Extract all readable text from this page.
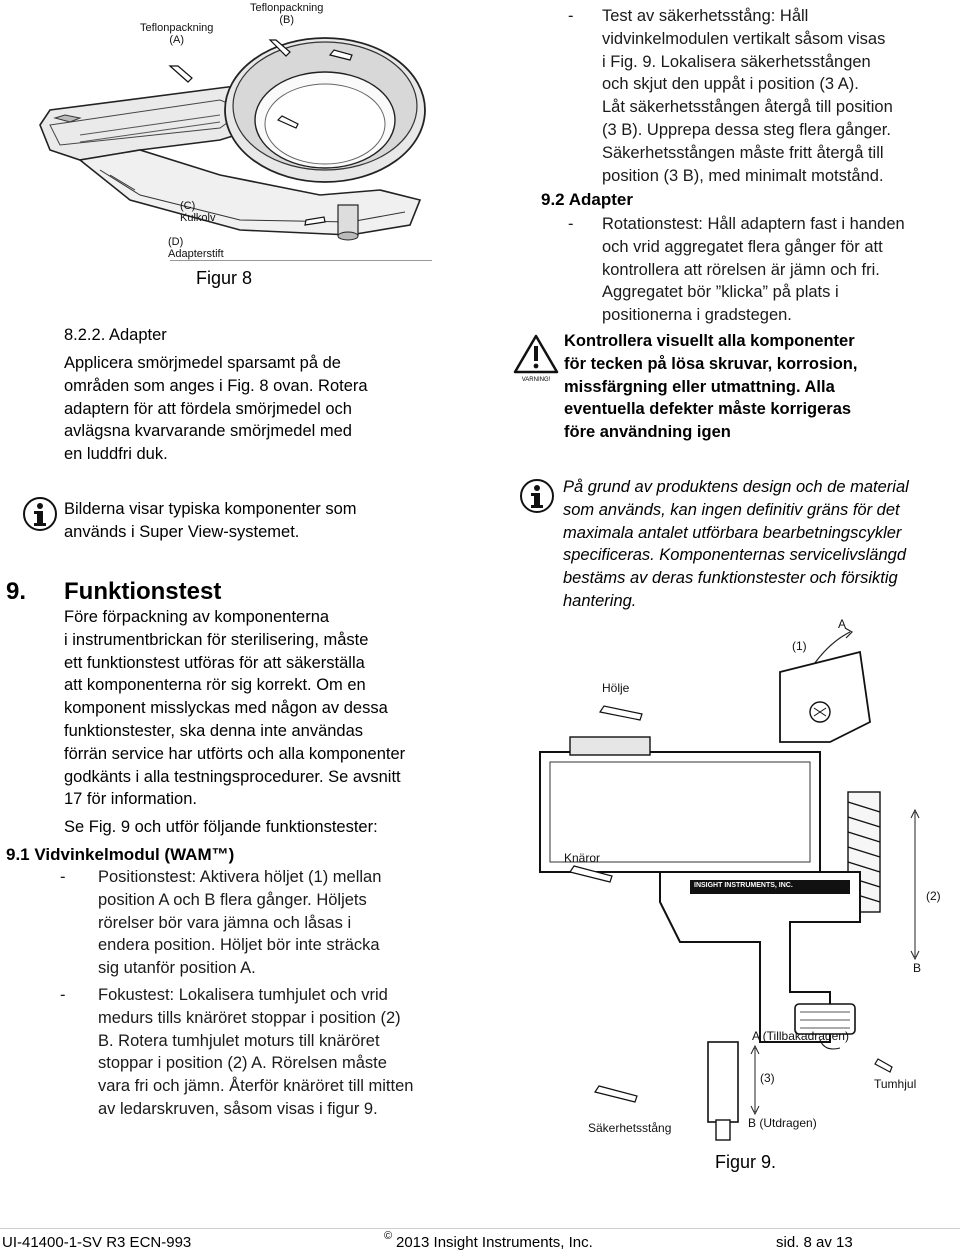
Teflonpackning
(A)
Teflonpackning
(B)
(C)
Kulkolv
(D)
Adapterstift
Figur 8
8.2.2. Adapter
Applicera smörjmedel sparsamt på de
områden som anges i Fig. 8 ovan. Rotera
adaptern för att fördela smörjmedel och
avlägsna kvarvarande smörjmedel med
en luddfri duk.
Bilderna visar typiska komponenter som
används i Super View-systemet.
9. Funktionstest
Före förpackning av komponenterna
i instrumentbrickan för sterilisering, måste
ett funktionstest utföras för att säkerställa
att komponenterna rör sig korrekt. Om en
komponent misslyckas med någon av dessa
funktionstester, ska denna inte användas
förrän service har utförts och alla komponenter
godkänts i alla testningsprocedurer. Se avsnitt
17 för information.
Se Fig. 9 och utför följande funktionstester:
9.1 Vidvinkelmodul (WAM™)
- Positionstest: Aktivera höljet (1) mellan
position A och B flera gånger. Höljets
rörelser bör vara jämna och låsas i
endera position. Höljet bör inte sträcka
sig utanför position A.
- Fokustest: Lokalisera tumhjulet och vrid
medurs tills knäröret stoppar i position (2)
B. Rotera tumhjulet moturs till knäröret
stoppar i position (2) A. Rörelsen måste
vara fri och jämn. Återför knäröret till mitten
av ledarskruven, såsom visas i figur 9.
- Test av säkerhetsstång: Håll
vidvinkelmodulen vertikalt såsom visas
i Fig. 9. Lokalisera säkerhetsstången
och skjut den uppåt i position (3 A).
Låt säkerhetsstången återgå till position
(3 B). Upprepa dessa steg flera gånger.
Säkerhetsstången måste fritt återgå till
position (3 B), med minimalt motstånd.
9.2 Adapter
- Rotationstest: Håll adaptern fast i handen
och vrid aggregatet flera gånger för att
kontrollera att rörelsen är jämn och fri.
Aggregatet bör ”klicka” på plats i
positionerna i gradstegen.
VARNING!
Kontrollera visuellt alla komponenter
för tecken på lösa skruvar, korrosion,
missfärgning eller utmattning. Alla
eventuella defekter måste korrigeras
före användning igen
På grund av produktens design och de material
som används, kan ingen definitiv gräns för det
maximala antalet utförbara bearbetningscykler
specificeras. Komponenternas servicelivslängd
bestäms av deras funktionstester och försiktig
hantering.
A
(1)
Hölje
Knäror
(2)
B
INSIGHT INSTRUMENTS, INC.
A (Tillbakadragen)
Tumhjul
(3)
B (Utdragen)
Säkerhetsstång
Figur 9.
UI-41400-1-SV R3 ECN-993	© 2013 Insight Instruments, Inc.	sid. 8 av 13
